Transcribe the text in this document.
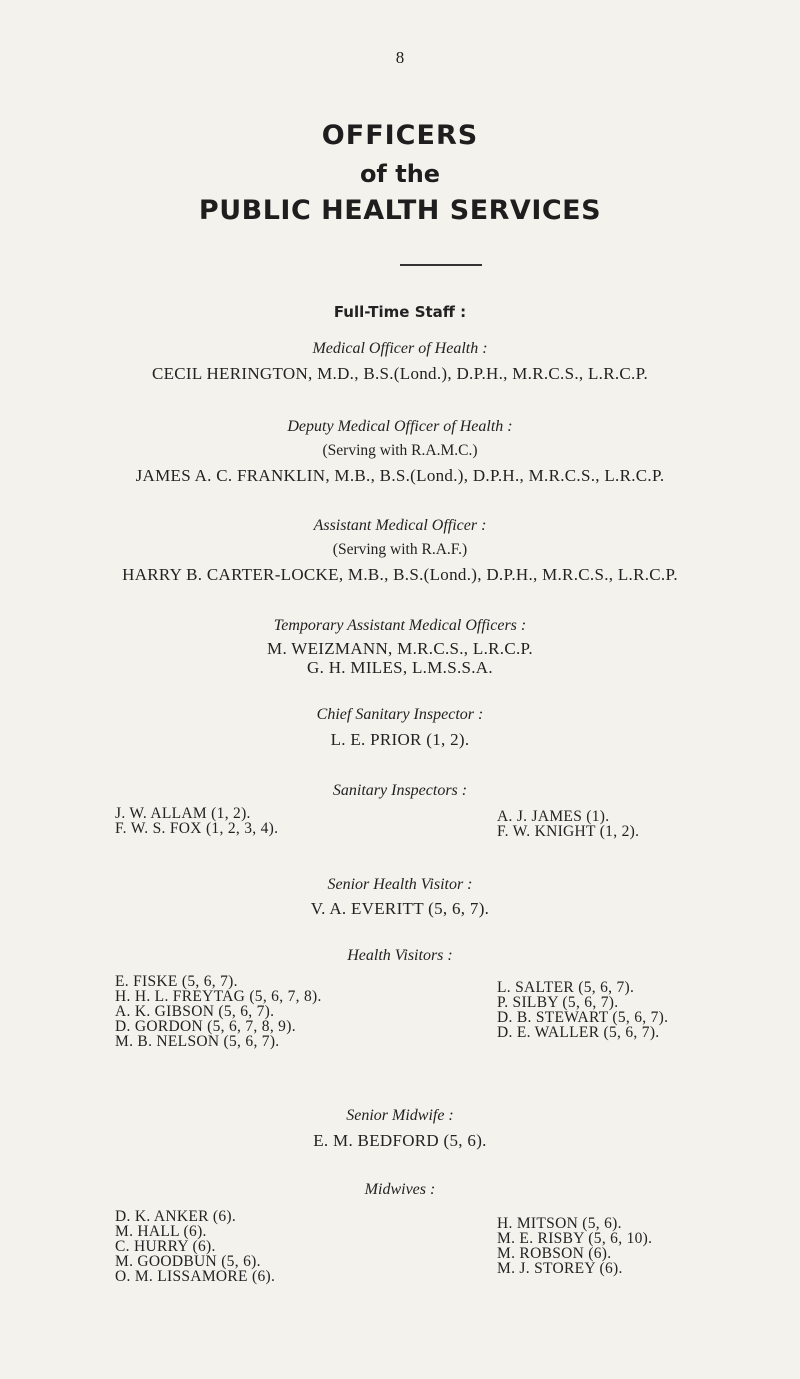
8
OFFICERS
of the
PUBLIC HEALTH SERVICES
Full-Time Staff :
Medical Officer of Health :
CECIL HERINGTON, M.D., B.S.(Lond.), D.P.H., M.R.C.S., L.R.C.P.
Deputy Medical Officer of Health :
(Serving with R.A.M.C.)
JAMES A. C. FRANKLIN, M.B., B.S.(Lond.), D.P.H., M.R.C.S., L.R.C.P.
Assistant Medical Officer :
(Serving with R.A.F.)
HARRY B. CARTER-LOCKE, M.B., B.S.(Lond.), D.P.H., M.R.C.S., L.R.C.P.
Temporary Assistant Medical Officers :
M. WEIZMANN, M.R.C.S., L.R.C.P.
G. H. MILES, L.M.S.S.A.
Chief Sanitary Inspector :
L. E. PRIOR (1, 2).
Sanitary Inspectors :
J. W. ALLAM (1, 2).
F. W. S. FOX (1, 2, 3, 4).
A. J. JAMES (1).
F. W. KNIGHT (1, 2).
Senior Health Visitor :
V. A. EVERITT (5, 6, 7).
Health Visitors :
E. FISKE (5, 6, 7).
H. H. L. FREYTAG (5, 6, 7, 8).
A. K. GIBSON (5, 6, 7).
D. GORDON (5, 6, 7, 8, 9).
M. B. NELSON (5, 6, 7).
L. SALTER (5, 6, 7).
P. SILBY (5, 6, 7).
D. B. STEWART (5, 6, 7).
D. E. WALLER (5, 6, 7).
Senior Midwife :
E. M. BEDFORD (5, 6).
Midwives :
D. K. ANKER (6).
M. HALL (6).
C. HURRY (6).
M. GOODBUN (5, 6).
O. M. LISSAMORE (6).
H. MITSON (5, 6).
M. E. RISBY (5, 6, 10).
M. ROBSON (6).
M. J. STOREY (6).
